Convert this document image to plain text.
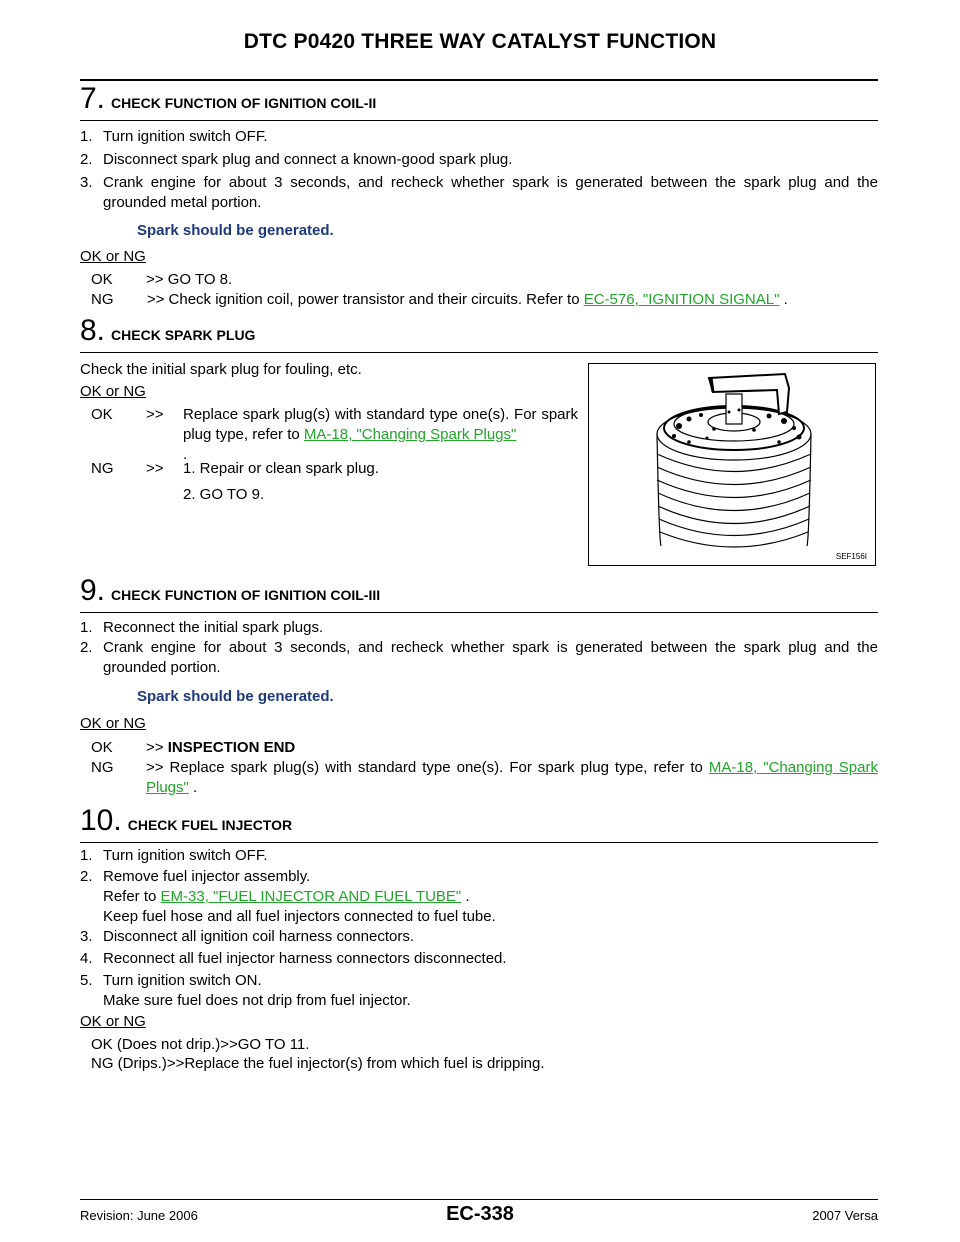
DTC P0420 THREE WAY CATALYST FUNCTION
7. CHECK FUNCTION OF IGNITION COIL-II
1. Turn ignition switch OFF.
2. Disconnect spark plug and connect a known-good spark plug.
3. Crank engine for about 3 seconds, and recheck whether spark is generated between the spark plug and the grounded metal portion.
Spark should be generated.
OK or NG
OK >> GO TO 8.
NG >> Check ignition coil, power transistor and their circuits. Refer to EC-576, "IGNITION SIGNAL" .
8. CHECK SPARK PLUG
Check the initial spark plug for fouling, etc.
OK or NG
OK >> Replace spark plug(s) with standard type one(s). For spark plug type, refer to MA-18, "Changing Spark Plugs"
.
NG >> 1. Repair or clean spark plug.
2. GO TO 9.
SEF156I
9. CHECK FUNCTION OF IGNITION COIL-III
1. Reconnect the initial spark plugs.
2. Crank engine for about 3 seconds, and recheck whether spark is generated between the spark plug and the grounded portion.
Spark should be generated.
OK or NG
OK >> INSPECTION END
NG >> Replace spark plug(s) with standard type one(s). For spark plug type, refer to MA-18, "Changing Spark Plugs" .
10. CHECK FUEL INJECTOR
1. Turn ignition switch OFF.
2. Remove fuel injector assembly.
Refer to EM-33, "FUEL INJECTOR AND FUEL TUBE" .
Keep fuel hose and all fuel injectors connected to fuel tube.
3. Disconnect all ignition coil harness connectors.
4. Reconnect all fuel injector harness connectors disconnected.
5. Turn ignition switch ON.
Make sure fuel does not drip from fuel injector.
OK or NG
OK (Does not drip.)>>GO TO 11.
NG (Drips.)>>Replace the fuel injector(s) from which fuel is dripping.
Revision: June 2006	EC-338	2007 Versa
